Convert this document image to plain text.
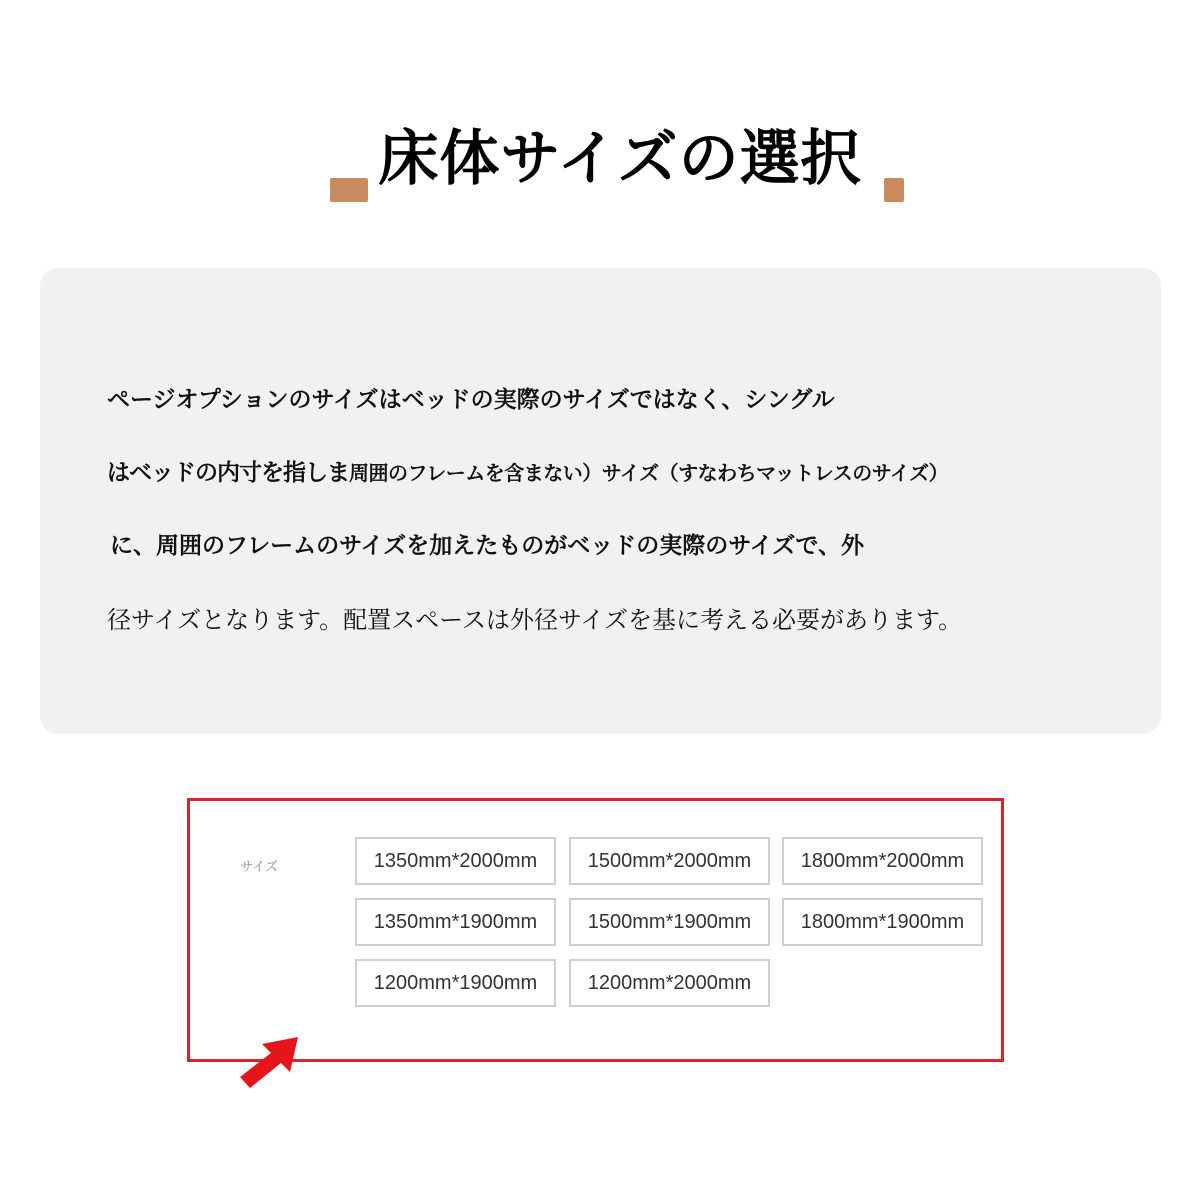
床体サイズの選択
ページオプションのサイズはベッドの実際のサイズではなく、シングル
はベッドの内寸を指しま周囲のフレームを含まない）サイズ（すなわちマットレスのサイズ）
に、周囲のフレームのサイズを加えたものがベッドの実際のサイズで、外
径サイズとなります。配置スペースは外径サイズを基に考える必要があります。
サイズ	1350mm*2000mm	1500mm*2000mm	1800mm*2000mm
1350mm*1900mm	1500mm*1900mm	1800mm*1900mm
1200mm*1900mm	1200mm*2000mm
